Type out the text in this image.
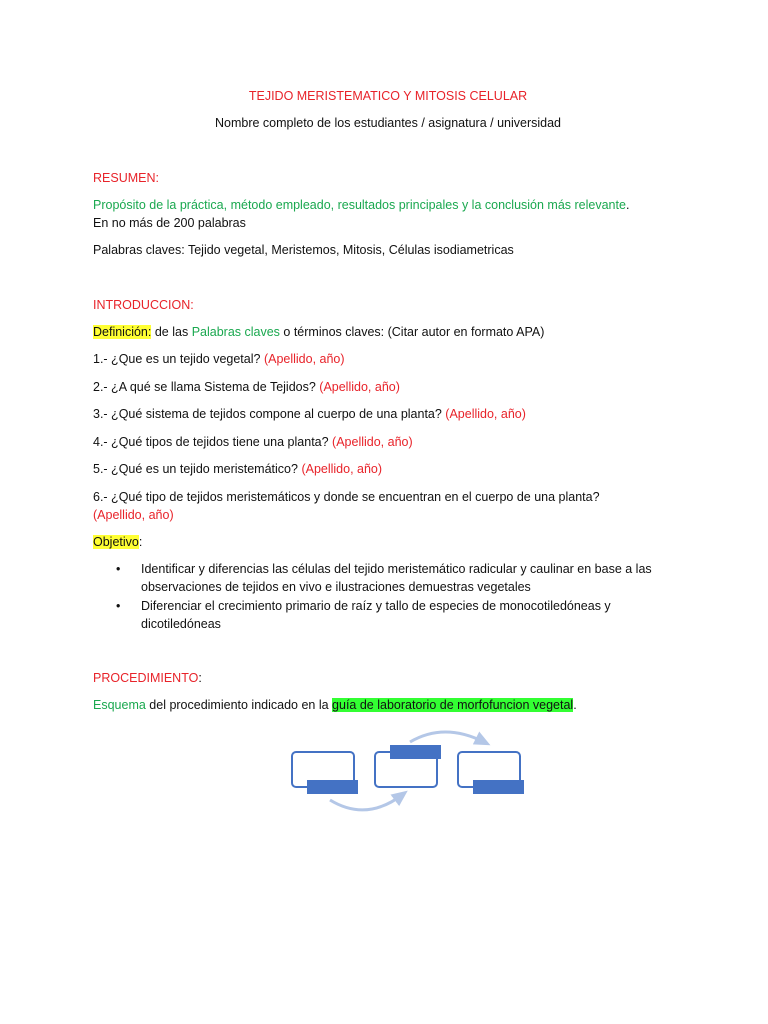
TEJIDO MERISTEMATICO Y MITOSIS CELULAR
Nombre completo de los estudiantes / asignatura / universidad
RESUMEN:
Propósito de la práctica, método empleado, resultados principales y la conclusión más relevante.
En no más de 200 palabras
Palabras claves: Tejido vegetal, Meristemos, Mitosis, Células isodiametricas
INTRODUCCION:
Definición: de las Palabras claves o términos claves: (Citar autor en formato APA)
1.- ¿Que es un tejido vegetal? (Apellido, año)
2.- ¿A qué se llama Sistema de Tejidos? (Apellido, año)
3.- ¿Qué sistema de tejidos compone al cuerpo de una planta? (Apellido, año)
4.- ¿Qué tipos de tejidos tiene una planta? (Apellido, año)
5.- ¿Qué es un tejido meristemático? (Apellido, año)
6.- ¿Qué tipo de tejidos meristemáticos y donde se encuentran en el cuerpo de una planta?
(Apellido, año)
Objetivo:
• Identificar y diferencias las células del tejido meristemático radicular y caulinar en base a las observaciones de tejidos en vivo e ilustraciones demuestras vegetales
• Diferenciar el crecimiento primario de raíz y tallo de especies de monocotiledóneas y dicotiledóneas
PROCEDIMIENTO:
Esquema del procedimiento indicado en la guía de laboratorio de morfofuncion vegetal.
